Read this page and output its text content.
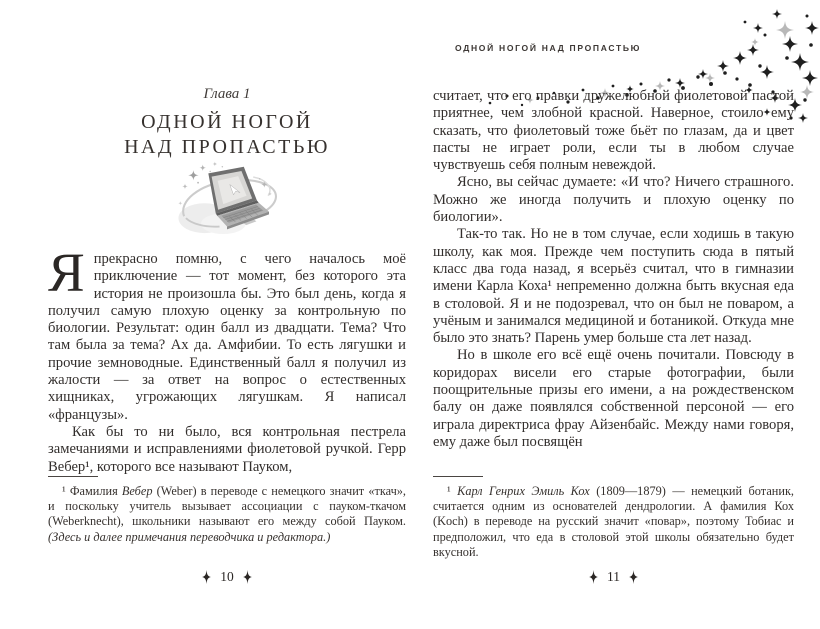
Глава 1
ОДНОЙ НОГОЙ
НАД ПРОПАСТЬЮ

Япрекрасно помню, с чего началось моё приключение — тот момент, без которого эта история не произошла бы. Это был день, когда я получил самую плохую оценку за контрольную по биологии. Результат: один балл из двадцати. Тема? Что там была за тема? Ах да. Амфибии. То есть лягушки и прочие земноводные. Единственный балл я получил из жалости — за ответ на вопрос о естественных хищниках, угрожающих лягушкам. Я написал «французы».

Как бы то ни было, вся контрольная пестрела замечаниями и исправлениями фиолетовой ручкой. Герр Вебер¹, которого все называют Пауком,

¹ Фамилия Вебер (Weber) в переводе с немецкого значит «ткач», и поскольку учитель вызывает ассоциации с пауком-ткачом (Weberknecht), школьники называют его между собой Пауком. (Здесь и далее примечания переводчика и редактора.)

10
ОДНОЙ НОГОЙ НАД ПРОПАСТЬЮ

считает, что его правки дружелюбной фиолетовой пастой приятнее, чем злобной красной. Наверное, стоило ему сказать, что фиолетовый тоже бьёт по глазам, да и цвет пасты не играет роли, если ты в любом случае чувствуешь себя полным невеждой.

Ясно, вы сейчас думаете: «И что? Ничего страшного. Можно же иногда получить и плохую оценку по биологии».

Так-то так. Но не в том случае, если ходишь в такую школу, как моя. Прежде чем поступить сюда в пятый класс два года назад, я всерьёз считал, что в гимназии имени Карла Коха¹ непременно должна быть вкусная еда в столовой. Я и не подозревал, что он был не поваром, а учёным и занимался медициной и ботаникой. Откуда мне было это знать? Парень умер больше ста лет назад.

Но в школе его всё ещё очень почитали. Повсюду в коридорах висели его старые фотографии, были поощрительные призы его имени, а на рождественском балу он даже появлялся собственной персоной — его играла директриса фрау Айзенбайс. Между нами говоря, ему даже был посвящён

¹ Карл Генрих Эмиль Кох (1809—1879) — немецкий ботаник, считается одним из основателей дендрологии. А фамилия Кох (Koch) в переводе на русский значит «повар», поэтому Тобиас и предположил, что еда в столовой этой школы обязательно будет вкусной.

11
